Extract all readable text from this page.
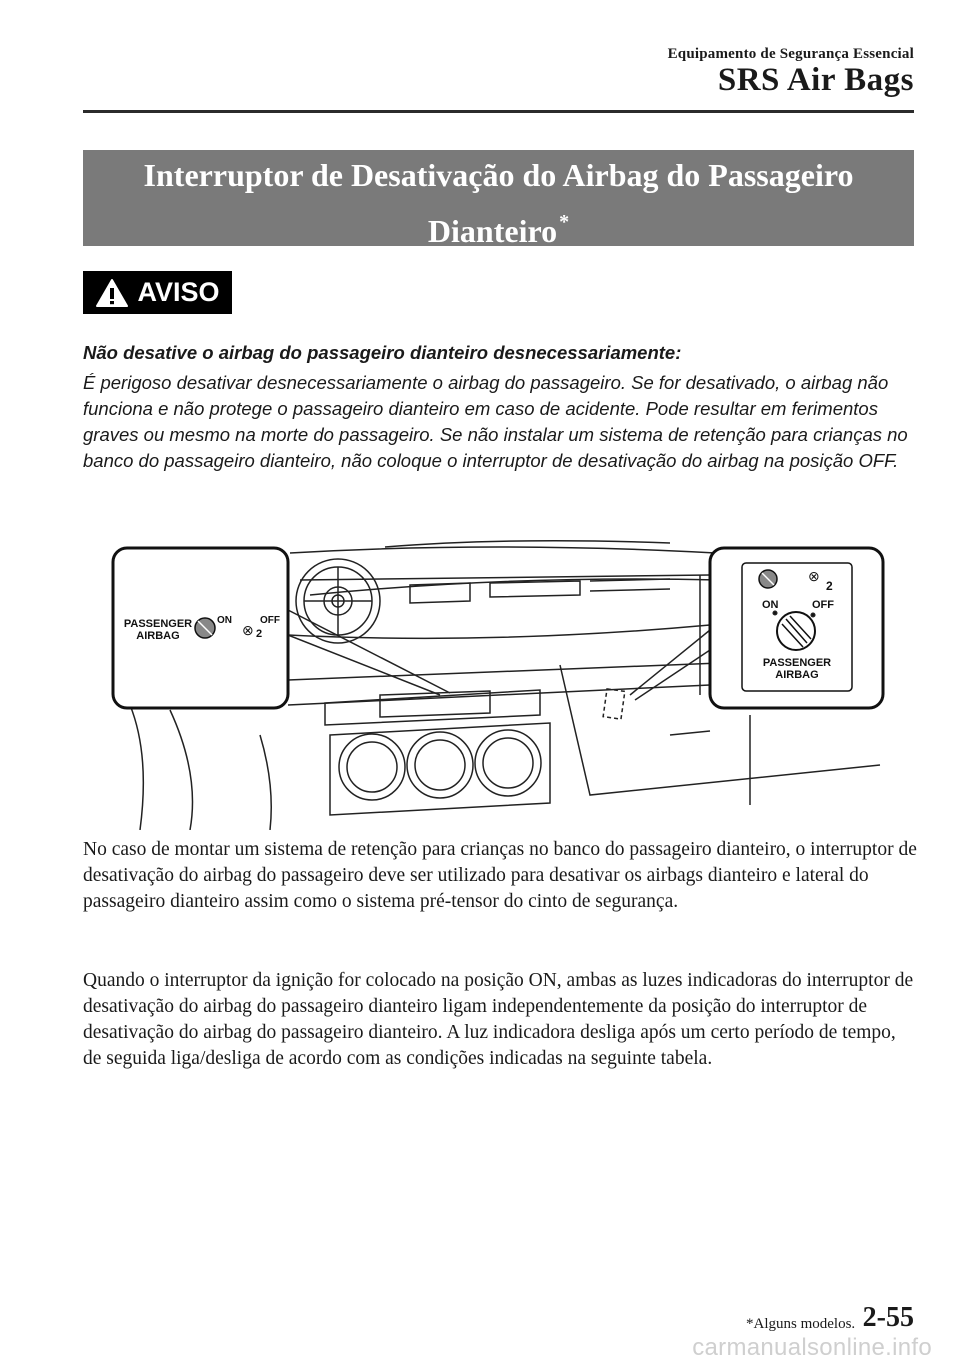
Equipamento de Segurança Essencial
SRS Air Bags
Interruptor de Desativação do Airbag do Passageiro
Dianteiro *
AVISO
Não desative o airbag do passageiro dianteiro desnecessariamente:
É perigoso desativar desnecessariamente o airbag do passageiro. Se for desativado, o airbag não funciona e não protege o passageiro dianteiro em caso de acidente. Pode resultar em ferimentos graves ou mesmo na morte do passageiro. Se não instalar um sistema de retenção para crianças no banco do passageiro dianteiro, não coloque o interruptor de desativação do airbag na posição OFF.
PASSENGER
AIRBAG
ON	OFF
⊗ 2
⊗
2
ON	OFF
PASSENGER
AIRBAG
No caso de montar um sistema de retenção para crianças no banco do passageiro dianteiro, o interruptor de desativação do airbag do passageiro deve ser utilizado para desativar os airbags dianteiro e lateral do passageiro dianteiro assim como o sistema pré-tensor do cinto de segurança.
Quando o interruptor da ignição for colocado na posição ON, ambas as luzes indicadoras do interruptor de desativação do airbag do passageiro dianteiro ligam independentemente da posição do interruptor de desativação do airbag do passageiro dianteiro. A luz indicadora desliga após um certo período de tempo, de seguida liga/desliga de acordo com as condições indicadas na seguinte tabela.
*Alguns modelos. 2-55
carmanualsonline.info
